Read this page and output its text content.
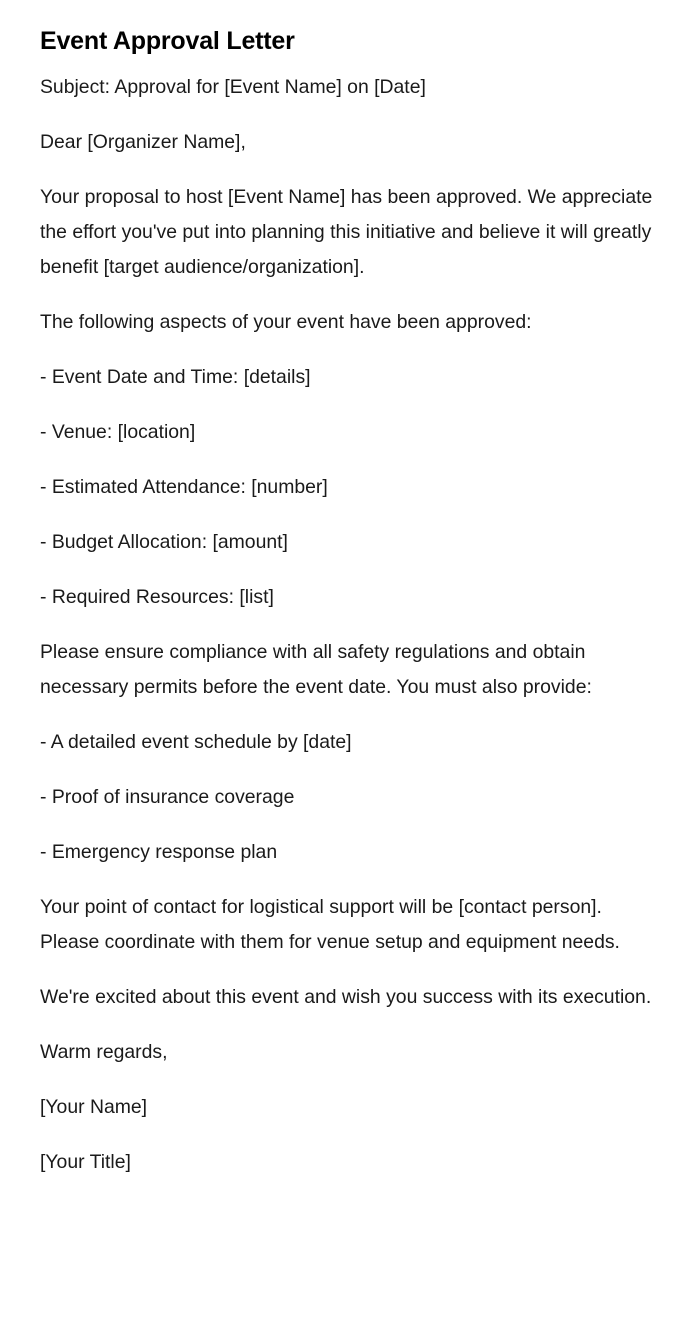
Event Approval Letter

Subject: Approval for [Event Name] on [Date]

Dear [Organizer Name],

Your proposal to host [Event Name] has been approved. We appreciate the effort you've put into planning this initiative and believe it will greatly benefit [target audience/organization].

The following aspects of your event have been approved:

- Event Date and Time: [details]

- Venue: [location]

- Estimated Attendance: [number]

- Budget Allocation: [amount]

- Required Resources: [list]

Please ensure compliance with all safety regulations and obtain necessary permits before the event date. You must also provide:

- A detailed event schedule by [date]

- Proof of insurance coverage

- Emergency response plan

Your point of contact for logistical support will be [contact person]. Please coordinate with them for venue setup and equipment needs.

We're excited about this event and wish you success with its execution.

Warm regards,

[Your Name]

[Your Title]
